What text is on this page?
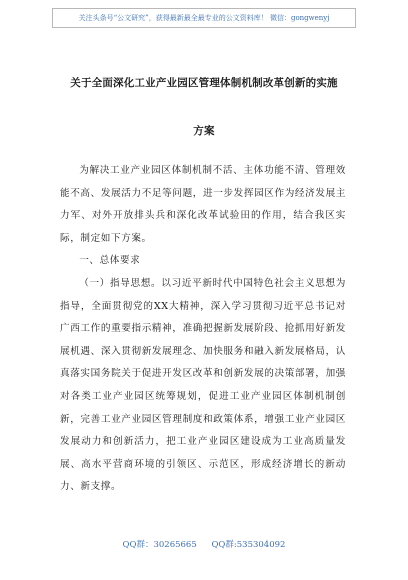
关注头条号“公文研究”，获得最新最全最专业的公文资料库！ 微信：gongwenyj
关于全面深化工业产业园区管理体制机制改革创新的实施
方案

为解决工业产业园区体制机制不活、主体功能不清、管理效能不高、发展活力不足等问题，进一步发挥园区作为经济发展主力军、对外开放排头兵和深化改革试验田的作用，结合我区实际，制定如下方案。

一、总体要求

（一）指导思想。以习近平新时代中国特色社会主义思想为指导，全面贯彻党的XX大精神，深入学习贯彻习近平总书记对广西工作的重要指示精神，准确把握新发展阶段、抢抓用好新发展机遇、深入贯彻新发展理念、加快服务和融入新发展格局，认真落实国务院关于促进开发区改革和创新发展的决策部署，加强对各类工业产业园区统筹规划，促进工业产业园区体制机制创新，完善工业产业园区管理制度和政策体系，增强工业产业园区发展动力和创新活力，把工业产业园区建设成为工业高质量发展、高水平营商环境的引领区、示范区，形成经济增长的新动力、新支撑。

QQ群：30265665 QQ群:535304092
